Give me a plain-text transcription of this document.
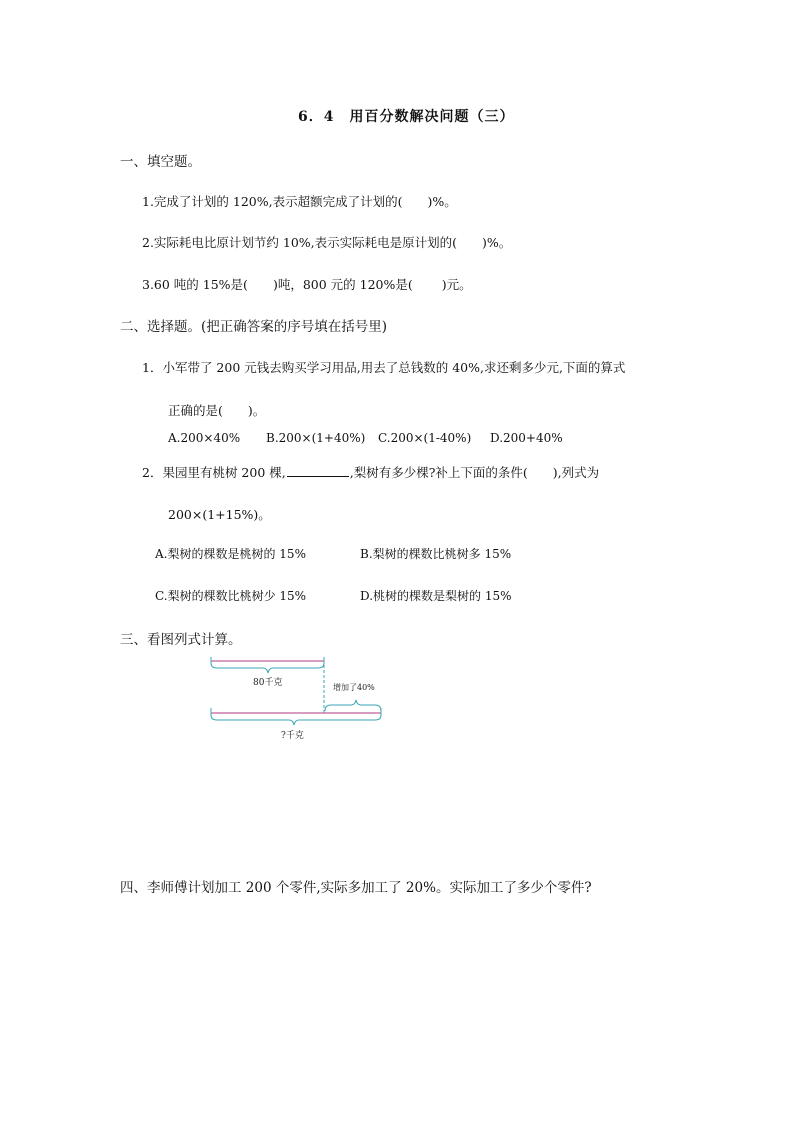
6．4　用百分数解决问题（三）
一、填空题。
1.完成了计划的 120%,表示超额完成了计划的(　　)%。
2.实际耗电比原计划节约 10%,表示实际耗电是原计划的(　　)%。
3.60 吨的 15%是(　　)吨，800 元的 120%是(　　 )元。
二、选择题。(把正确答案的序号填在括号里)
1．小军带了 200 元钱去购买学习用品,用去了总钱数的 40%,求还剩多少元,下面的算式
正确的是(　　)。
A.200×40% B.200×(1+40%) C.200×(1-40%) D.200+40%
2．果园里有桃树 200 棵,	,梨树有多少棵?补上下面的条件(　　),列式为
200×(1+15%)。
A.梨树的棵数是桃树的 15%	B.梨树的棵数比桃树多 15%
C.梨树的棵数比桃树少 15%	D.桃树的棵数是梨树的 15%
三、看图列式计算。
80千克	增加了40%
?千克
四、李师傅计划加工 200 个零件,实际多加工了 20%。实际加工了多少个零件?
